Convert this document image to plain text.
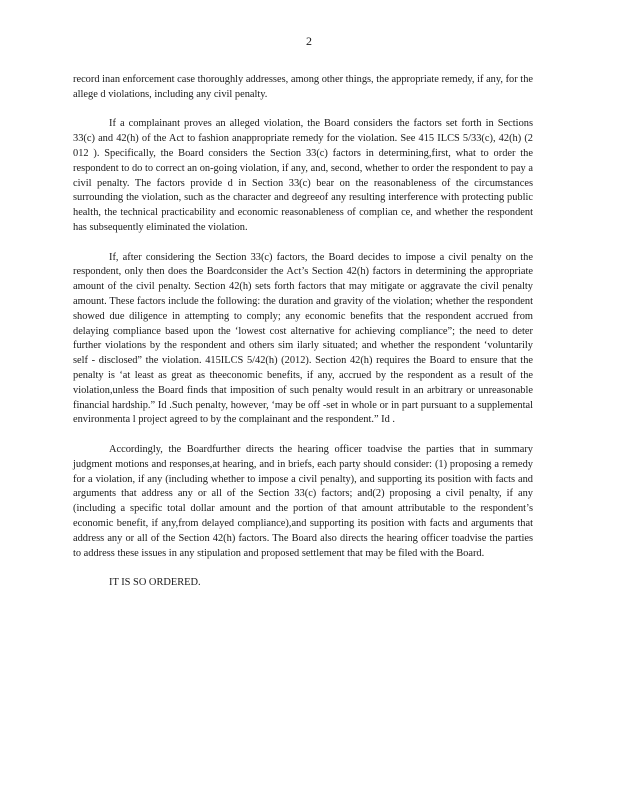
2

record inan enforcement case thoroughly addresses, among other things, the appropriate remedy, if any, for the allege d violations, including any civil penalty.

If a complainant proves an alleged violation, the Board considers the factors set forth in Sections 33(c) and 42(h) of the Act to fashion anappropriate remedy for the violation. See 415 ILCS 5/33(c), 42(h) (2 012 ). Specifically, the Board considers the Section 33(c) factors in determining,first, what to order the respondent to do to correct an on-going violation, if any, and, second, whether to order the respondent to pay a civil penalty. The factors provide d in Section 33(c) bear on the reasonableness of the circumstances surrounding the violation, such as the character and degreeof any resulting interference with protecting public health, the technical practicability and economic reasonableness of complian ce, and whether the respondent has subsequently eliminated the violation.

If, after considering the Section 33(c) factors, the Board decides to impose a civil penalty on the respondent, only then does the Boardconsider the Act’s Section 42(h) factors in determining the appropriate amount of the civil penalty. Section 42(h) sets forth factors that may mitigate or aggravate the civil penalty amount. These factors include the following: the duration and gravity of the violation; whether the respondent showed due diligence in attempting to comply; any economic benefits that the respondent accrued from delaying compliance based upon the ‘lowest cost alternative for achieving compliance”; the need to deter further violations by the respondent and others sim ilarly situated; and whether the respondent ‘voluntarily self - disclosed” the violation. 415ILCS 5/42(h) (2012). Section 42(h) requires the Board to ensure that the penalty is ‘at least as great as theeconomic benefits, if any, accrued by the respondent as a result of the violation,unless the Board finds that imposition of such penalty would result in an arbitrary or unreasonable financial hardship.” Id .Such penalty, however, ‘may be off -set in whole or in part pursuant to a supplemental environmenta l project agreed to by the complainant and the respondent.” Id .

Accordingly, the Boardfurther directs the hearing officer toadvise the parties that in summary judgment motions and responses,at hearing, and in briefs, each party should consider: (1) proposing a remedy for a violation, if any (including whether to impose a civil penalty), and supporting its position with facts and arguments that address any or all of the Section 33(c) factors; and(2) proposing a civil penalty, if any (including a specific total dollar amount and the portion of that amount attributable to the respondent’s economic benefit, if any,from delayed compliance),and supporting its position with facts and arguments that address any or all of the Section 42(h) factors. The Board also directs the hearing officer toadvise the parties to address these issues in any stipulation and proposed settlement that may be filed with the Board.

IT IS SO ORDERED.
